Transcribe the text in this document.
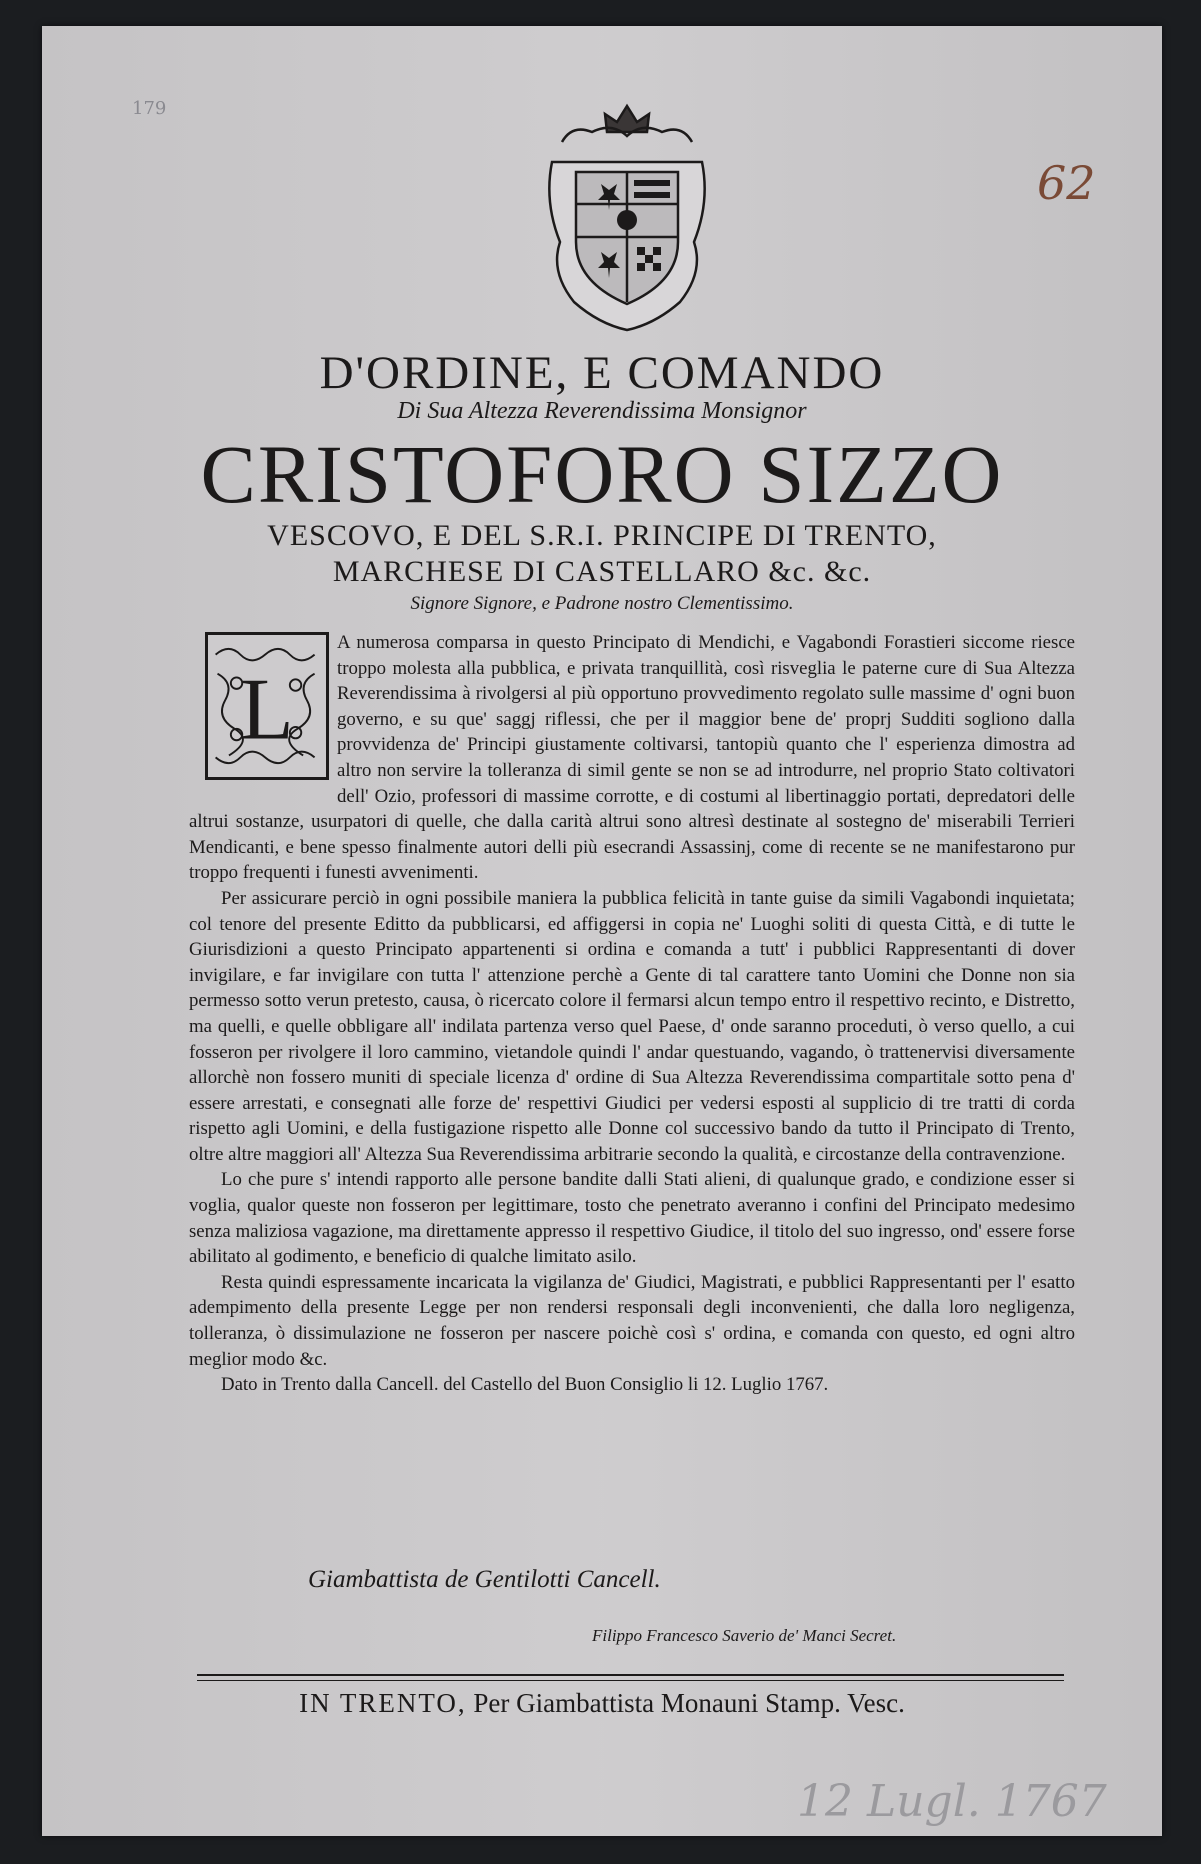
179
62
12 Lugl. 1767
D'ORDINE, E COMANDO
Di Sua Altezza Reverendissima Monsignor
CRISTOFORO SIZZO
VESCOVO, E DEL S.R.I. PRINCIPE DI TRENTO,
MARCHESE DI CASTELLARO &c. &c.
Signore Signore, e Padrone nostro Clementissimo.

A numerosa comparsa in questo Principato di Mendichi, e Vagabondi Forastieri siccome riesce troppo molesta alla pubblica, e privata tranquillità, così risveglia le paterne cure di Sua Altezza Reverendissima à rivolgersi al più opportuno provvedimento regolato sulle massime d' ogni buon governo, e su que' saggj riflessi, che per il maggior bene de' proprj Sudditi sogliono dalla provvidenza de' Principi giustamente coltivarsi, tantopiù quanto che l' esperienza dimostra ad altro non servire la tolleranza di simil gente se non se ad introdurre, nel proprio Stato coltivatori dell' Ozio, professori di massime corrotte, e di costumi al libertinaggio portati, depredatori delle altrui sostanze, usurpatori di quelle, che dalla carità altrui sono altresì destinate al sostegno de' miserabili Terrieri Mendicanti, e bene spesso finalmente autori delli più esecrandi Assassinj, come di recente se ne manifestarono pur troppo frequenti i funesti avvenimenti.

Per assicurare perciò in ogni possibile maniera la pubblica felicità in tante guise da simili Vagabondi inquietata; col tenore del presente Editto da pubblicarsi, ed affiggersi in copia ne' Luoghi soliti di questa Città, e di tutte le Giurisdizioni a questo Principato appartenenti si ordina e comanda a tutt' i pubblici Rappresentanti di dover invigilare, e far invigilare con tutta l' attenzione perchè a Gente di tal carattere tanto Uomini che Donne non sia permesso sotto verun pretesto, causa, ò ricercato colore il fermarsi alcun tempo entro il respettivo recinto, e Distretto, ma quelli, e quelle obbligare all' indilata partenza verso quel Paese, d' onde saranno proceduti, ò verso quello, a cui fosseron per rivolgere il loro cammino, vietandole quindi l' andar questuando, vagando, ò trattenervisi diversamente allorchè non fossero muniti di speciale licenza d' ordine di Sua Altezza Reverendissima compartitale sotto pena d' essere arrestati, e consegnati alle forze de' respettivi Giudici per vedersi esposti al supplicio di tre tratti di corda rispetto agli Uomini, e della fustigazione rispetto alle Donne col successivo bando da tutto il Principato di Trento, oltre altre maggiori all' Altezza Sua Reverendissima arbitrarie secondo la qualità, e circostanze della contravenzione.

Lo che pure s' intendi rapporto alle persone bandite dalli Stati alieni, di qualunque grado, e condizione esser si voglia, qualor queste non fosseron per legittimare, tosto che penetrato averanno i confini del Principato medesimo senza maliziosa vagazione, ma direttamente appresso il respettivo Giudice, il titolo del suo ingresso, ond' essere forse abilitato al godimento, e beneficio di qualche limitato asilo.

Resta quindi espressamente incaricata la vigilanza de' Giudici, Magistrati, e pubblici Rappresentanti per l' esatto adempimento della presente Legge per non rendersi responsali degli inconvenienti, che dalla loro negligenza, tolleranza, ò dissimulazione ne fosseron per nascere poichè così s' ordina, e comanda con questo, ed ogni altro meglior modo &c.

Dato in Trento dalla Cancell. del Castello del Buon Consiglio li 12. Luglio 1767.

L
Giambattista de Gentilotti Cancell.
Filippo Francesco Saverio de' Manci Secret.
IN TRENTO, Per Giambattista Monauni Stamp. Vesc.
